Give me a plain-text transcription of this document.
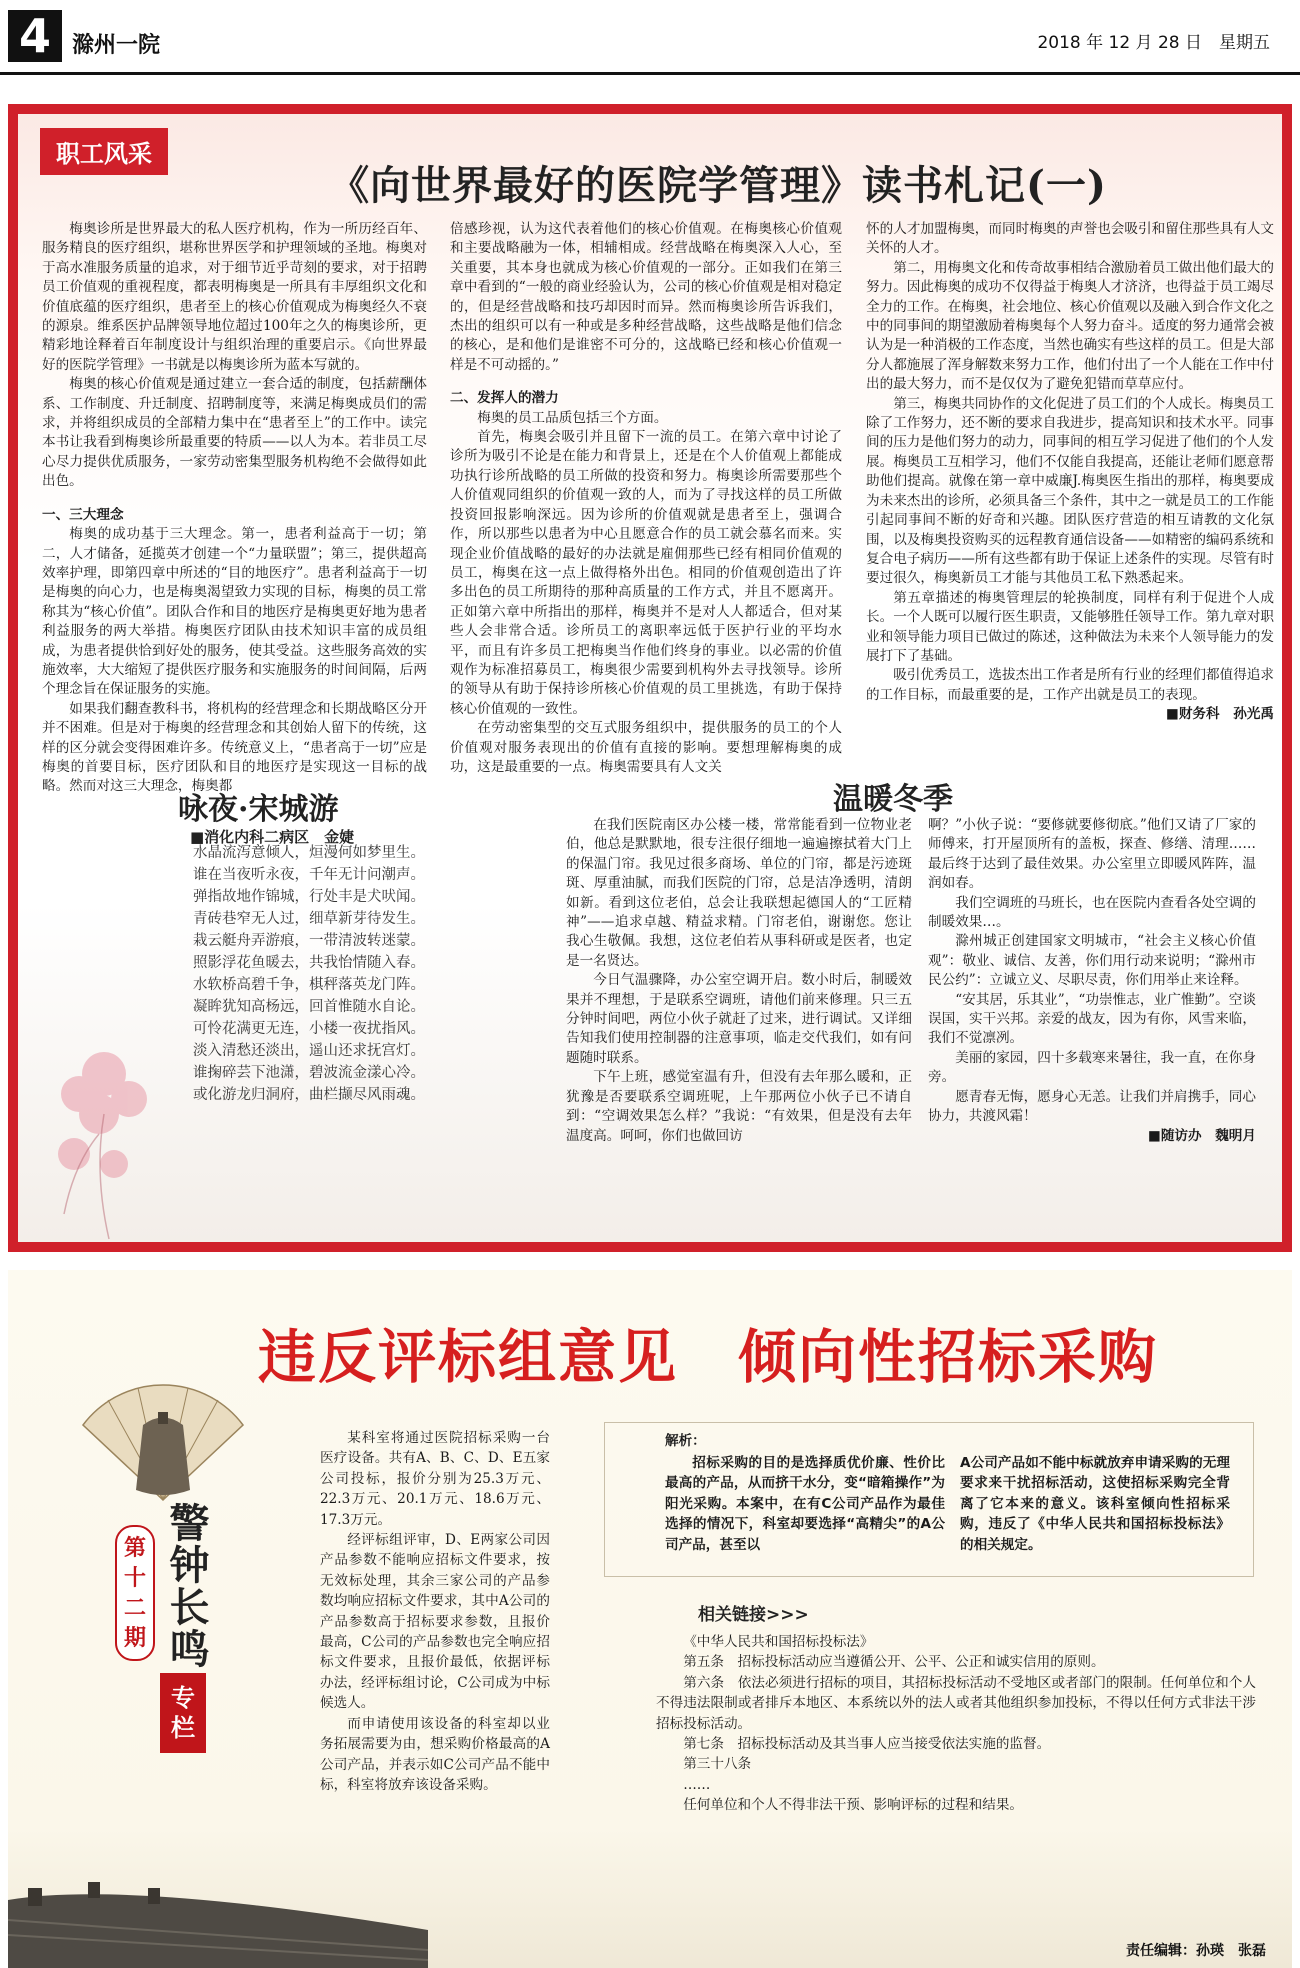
4 滁州一院	2018 年 12 月 28 日　星期五
职工风采
《向世界最好的医院学管理》读书札记(一)

梅奥诊所是世界最大的私人医疗机构，作为一所历经百年、服务精良的医疗组织，堪称世界医学和护理领域的圣地。梅奥对于高水准服务质量的追求，对于细节近乎苛刻的要求，对于招聘员工价值观的重视程度，都表明梅奥是一所具有丰厚组织文化和价值底蕴的医疗组织，患者至上的核心价值观成为梅奥经久不衰的源泉。维系医护品牌领导地位超过100年之久的梅奥诊所，更精彩地诠释着百年制度设计与组织治理的重要启示。《向世界最好的医院学管理》一书就是以梅奥诊所为蓝本写就的。

梅奥的核心价值观是通过建立一套合适的制度，包括薪酬体系、工作制度、升迁制度、招聘制度等，来满足梅奥成员们的需求，并将组织成员的全部精力集中在“患者至上”的工作中。读完本书让我看到梅奥诊所最重要的特质——以人为本。若非员工尽心尽力提供优质服务，一家劳动密集型服务机构绝不会做得如此出色。

一、三大理念

梅奥的成功基于三大理念。第一，患者利益高于一切；第二，人才储备，延揽英才创建一个“力量联盟”；第三，提供超高效率护理，即第四章中所述的“目的地医疗”。患者利益高于一切是梅奥的向心力，也是梅奥渴望致力实现的目标，梅奥的员工常称其为“核心价值”。团队合作和目的地医疗是梅奥更好地为患者利益服务的两大举措。梅奥医疗团队由技术知识丰富的成员组成，为患者提供恰到好处的服务，使其受益。这些服务高效的实施效率，大大缩短了提供医疗服务和实施服务的时间间隔，后两个理念旨在保证服务的实施。

如果我们翻查教科书，将机构的经营理念和长期战略区分开并不困难。但是对于梅奥的经营理念和其创始人留下的传统，这样的区分就会变得困难许多。传统意义上，“患者高于一切”应是梅奥的首要目标，医疗团队和目的地医疗是实现这一目标的战略。然而对这三大理念，梅奥都

倍感珍视，认为这代表着他们的核心价值观。在梅奥核心价值观和主要战略融为一体，相辅相成。经营战略在梅奥深入人心，至关重要，其本身也就成为核心价值观的一部分。正如我们在第三章中看到的“一般的商业经验认为，公司的核心价值观是相对稳定的，但是经营战略和技巧却因时而异。然而梅奥诊所告诉我们，杰出的组织可以有一种或是多种经营战略，这些战略是他们信念的核心，是和他们是谁密不可分的，这战略已经和核心价值观一样是不可动摇的。”

二、发挥人的潜力

梅奥的员工品质包括三个方面。

首先，梅奥会吸引并且留下一流的员工。在第六章中讨论了诊所为吸引不论是在能力和背景上，还是在个人价值观上都能成功执行诊所战略的员工所做的投资和努力。梅奥诊所需要那些个人价值观同组织的价值观一致的人，而为了寻找这样的员工所做投资回报影响深远。因为诊所的价值观就是患者至上，强调合作，所以那些以患者为中心且愿意合作的员工就会慕名而来。实现企业价值战略的最好的办法就是雇佣那些已经有相同价值观的员工，梅奥在这一点上做得格外出色。相同的价值观创造出了许多出色的员工所期待的那种高质量的工作方式，并且不愿离开。正如第六章中所指出的那样，梅奥并不是对人人都适合，但对某些人会非常合适。诊所员工的离职率远低于医护行业的平均水平，而且有许多员工把梅奥当作他们终身的事业。以必需的价值观作为标准招募员工，梅奥很少需要到机构外去寻找领导。诊所的领导从有助于保持诊所核心价值观的员工里挑选，有助于保持核心价值观的一致性。

在劳动密集型的交互式服务组织中，提供服务的员工的个人价值观对服务表现出的价值有直接的影响。要想理解梅奥的成功，这是最重要的一点。梅奥需要具有人文关

怀的人才加盟梅奥，而同时梅奥的声誉也会吸引和留住那些具有人文关怀的人才。

第二，用梅奥文化和传奇故事相结合激励着员工做出他们最大的努力。因此梅奥的成功不仅得益于梅奥人才济济，也得益于员工竭尽全力的工作。在梅奥，社会地位、核心价值观以及融入到合作文化之中的同事间的期望激励着梅奥每个人努力奋斗。适度的努力通常会被认为是一种消极的工作态度，当然也确实有些这样的员工。但是大部分人都施展了浑身解数来努力工作，他们付出了一个人能在工作中付出的最大努力，而不是仅仅为了避免犯错而草草应付。

第三，梅奥共同协作的文化促进了员工们的个人成长。梅奥员工除了工作努力，还不断的要求自我进步，提高知识和技术水平。同事间的压力是他们努力的动力，同事间的相互学习促进了他们的个人发展。梅奥员工互相学习，他们不仅能自我提高，还能让老师们愿意帮助他们提高。就像在第一章中威廉J.梅奥医生指出的那样，梅奥要成为未来杰出的诊所，必须具备三个条件，其中之一就是员工的工作能引起同事间不断的好奇和兴趣。团队医疗营造的相互请教的文化氛围，以及梅奥投资购买的远程教育通信设备——如精密的编码系统和复合电子病历——所有这些都有助于保证上述条件的实现。尽管有时要过很久，梅奥新员工才能与其他员工私下熟悉起来。

第五章描述的梅奥管理层的轮换制度，同样有利于促进个人成长。一个人既可以履行医生职责，又能够胜任领导工作。第九章对职业和领导能力项目已做过的陈述，这种做法为未来个人领导能力的发展打下了基础。

吸引优秀员工，选拔杰出工作者是所有行业的经理们都值得追求的工作目标，而最重要的是，工作产出就是员工的表现。

■财务科　孙光禹
咏夜·宋城游
■消化内科二病区　金婕
水晶流泻意倾人，烜漫何如梦里生。
谁在当夜听永夜，千年无计问潮声。
弹指故地作锦城，行处丰是犬吠闻。
青砖巷窄无人过，细草新芽待发生。
栽云艇舟弄游痕，一带清波转迷蒙。
照影浮花鱼暖去，共我怡情随入春。
水软桥高碧千争，棋秤落英龙门阵。
凝眸犹知高杨远，回首惟随水自论。
可怜花满更无连，小楼一夜扰指风。
淡入清愁还淡出，遥山还求抚宫灯。
谁掬碎芸下池潇，碧波流金漾心冷。
或化游龙归洞府，曲栏撷尽风雨魂。
温暖冬季

在我们医院南区办公楼一楼，常常能看到一位物业老伯，他总是默默地，很专注很仔细地一遍遍擦拭着大门上的保温门帘。我见过很多商场、单位的门帘，都是污迹斑斑、厚重油腻，而我们医院的门帘，总是洁净透明，清朗如新。看到这位老伯，总会让我联想起德国人的“工匠精神”——追求卓越、精益求精。门帘老伯，谢谢您。您让我心生敬佩。我想，这位老伯若从事科研或是医者，也定是一名贤达。

今日气温骤降，办公室空调开启。数小时后，制暖效果并不理想，于是联系空调班，请他们前来修理。只三五分钟时间吧，两位小伙子就赶了过来，进行调试。又详细告知我们使用控制器的注意事项，临走交代我们，如有问题随时联系。

下午上班，感觉室温有升，但没有去年那么暖和，正犹豫是否要联系空调班呢，上午那两位小伙子已不请自到：“空调效果怎么样？”我说：“有效果，但是没有去年温度高。呵呵，你们也做回访

啊？”小伙子说：“要修就要修彻底。”他们又请了厂家的师傅来，打开屋顶所有的盖板，探查、修缮、清理……最后终于达到了最佳效果。办公室里立即暖风阵阵，温润如春。

我们空调班的马班长，也在医院内查看各处空调的制暖效果…。

滁州城正创建国家文明城市，“社会主义核心价值观”：敬业、诚信、友善，你们用行动来说明；“滁州市民公约”：立诚立义、尽职尽责，你们用举止来诠释。

“安其居，乐其业”，“功崇惟志，业广惟勤”。空谈误国，实干兴邦。亲爱的战友，因为有你，风雪来临，我们不觉凛冽。

美丽的家园，四十多载寒来暑往，我一直，在你身旁。

愿青春无悔，愿身心无恙。让我们并肩携手，同心协力，共渡风霜！

■随访办　魏明月
违反评标组意见　倾向性招标采购
警钟长鸣
第十二期
专栏

某科室将通过医院招标采购一台医疗设备。共有A、B、C、D、E五家公司投标，报价分别为25.3万元、22.3万元、20.1万元、18.6万元、17.3万元。

经评标组评审，D、E两家公司因产品参数不能响应招标文件要求，按无效标处理，其余三家公司的产品参数均响应招标文件要求，其中A公司的产品参数高于招标要求参数，且报价最高，C公司的产品参数也完全响应招标文件要求，且报价最低，依据评标办法，经评标组讨论，C公司成为中标候选人。

而申请使用该设备的科室却以业务拓展需要为由，想采购价格最高的A公司产品，并表示如C公司产品不能中标，科室将放弃该设备采购。

解析：
招标采购的目的是选择质优价廉、性价比最高的产品，从而挤干水分，变“暗箱操作”为阳光采购。本案中，在有C公司产品作为最佳选择的情况下，科室却要选择“高精尖”的A公司产品，甚至以
A公司产品如不能中标就放弃申请采购的无理要求来干扰招标活动，这使招标采购完全背离了它本来的意义。该科室倾向性招标采购，违反了《中华人民共和国招标投标法》的相关规定。
相关链接>>>

《中华人民共和国招标投标法》

第五条　招标投标活动应当遵循公开、公平、公正和诚实信用的原则。

第六条　依法必须进行招标的项目，其招标投标活动不受地区或者部门的限制。任何单位和个人不得违法限制或者排斥本地区、本系统以外的法人或者其他组织参加投标，不得以任何方式非法干涉招标投标活动。

第七条　招标投标活动及其当事人应当接受依法实施的监督。

第三十八条

……

任何单位和个人不得非法干预、影响评标的过程和结果。

责任编辑：孙瑛　张磊
